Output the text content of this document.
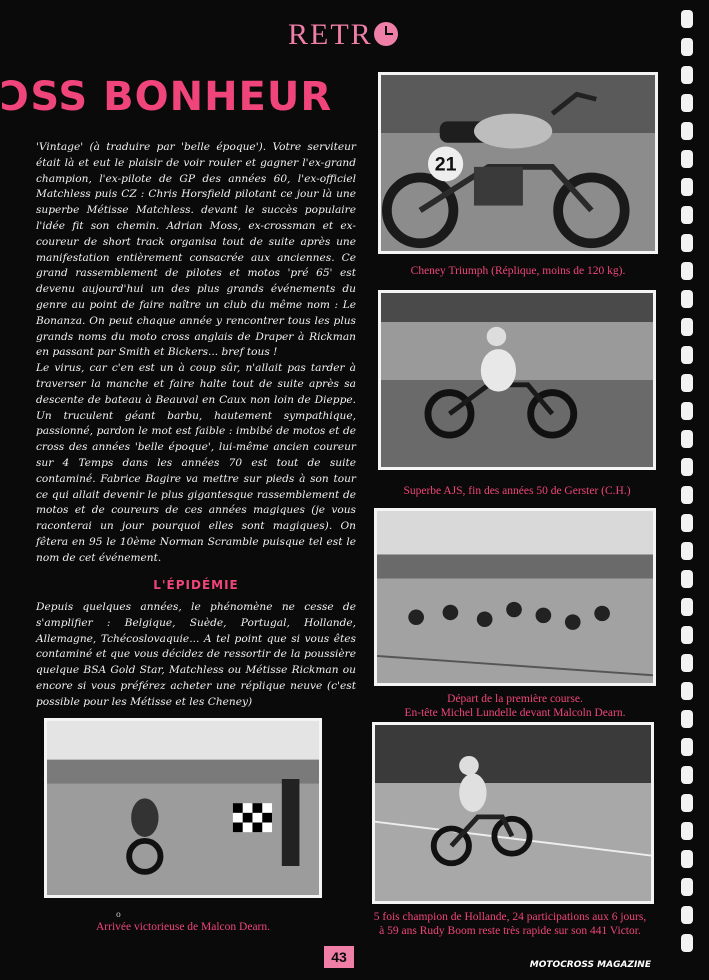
RETR
ƆSS BONHEUR

'Vintage' (à traduire par 'belle époque'). Votre serviteur était là et eut le plaisir de voir rouler et gagner l'ex-grand champion, l'ex-pilote de GP des années 60, l'ex-officiel Matchless puis CZ : Chris Horsfield pilotant ce jour là une superbe Métisse Matchless. devant le succès populaire l'idée fit son chemin. Adrian Moss, ex-crossman et ex-coureur de short track organisa tout de suite après une manifestation entièrement consacrée aux anciennes. Ce grand rassemblement de pilotes et motos 'pré 65' est devenu aujourd'hui un des plus grands événements du genre au point de faire naître un club du même nom : Le Bonanza. On peut chaque année y rencontrer tous les plus grands noms du moto cross anglais de Draper à Rickman en passant par Smith et Bickers... bref tous !

Le virus, car c'en est un à coup sûr, n'allait pas tarder à traverser la manche et faire halte tout de suite après sa descente de bateau à Beauval en Caux non loin de Dieppe. Un truculent géant barbu, hautement sympathique, passionné, pardon le mot est faible : imbibé de motos et de cross des années 'belle époque', lui-même ancien coureur sur 4 Temps dans les années 70 est tout de suite contaminé. Fabrice Bagire va mettre sur pieds à son tour ce qui allait devenir le plus gigantesque rassemblement de motos et de coureurs de ces années magiques (je vous raconterai un jour pourquoi elles sont magiques). On fêtera en 95 le 10ème Norman Scramble puisque tel est le nom de cet événement.

L'ÉPIDÉMIE
Depuis quelques années, le phénomène ne cesse de s'amplifier : Belgique, Suède, Portugal, Hollande, Allemagne, Tchécoslovaquie... A tel point que si vous êtes contaminé et que vous décidez de ressortir de la poussière quelque BSA Gold Star, Matchless ou Métisse Rickman ou encore si vous préférez acheter une réplique neuve (c'est possible pour les Métisse et les Cheney)
21
Cheney Triumph (Réplique, moins de 120 kg).
Superbe AJS, fin des années 50 de Gerster (C.H.)
Départ de la première course.
En-tête Michel Lundelle devant Malcoln Dearn.
o
Arrivée victorieuse de Malcon Dearn.
5 fois champion de Hollande, 24 participations aux 6 jours,
à 59 ans Rudy Boom reste très rapide sur son 441 Victor.
43	MOTOCROSS MAGAZINE
